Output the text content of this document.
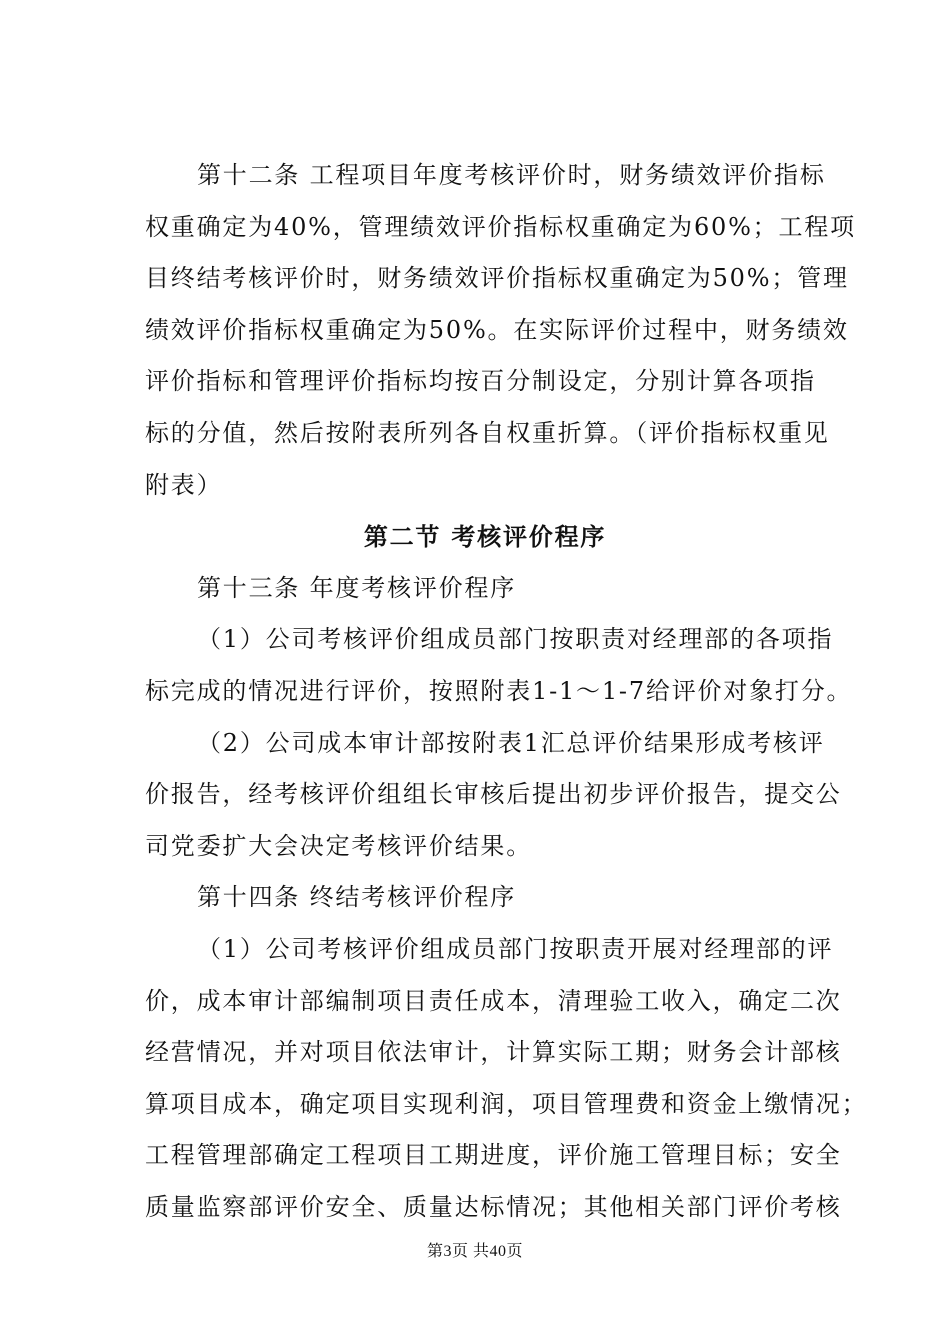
第十二条 工程项目年度考核评价时，财务绩效评价指标
权重确定为40%，管理绩效评价指标权重确定为60%；工程项
目终结考核评价时，财务绩效评价指标权重确定为50%；管理
绩效评价指标权重确定为50%。在实际评价过程中，财务绩效
评价指标和管理评价指标均按百分制设定，分别计算各项指
标的分值，然后按附表所列各自权重折算。（评价指标权重见
附表）
第二节 考核评价程序
第十三条 年度考核评价程序
（1）公司考核评价组成员部门按职责对经理部的各项指
标完成的情况进行评价，按照附表1-1～1-7给评价对象打分。
（2）公司成本审计部按附表1汇总评价结果形成考核评
价报告，经考核评价组组长审核后提出初步评价报告，提交公
司党委扩大会决定考核评价结果。
第十四条 终结考核评价程序
（1）公司考核评价组成员部门按职责开展对经理部的评
价，成本审计部编制项目责任成本，清理验工收入，确定二次
经营情况，并对项目依法审计，计算实际工期；财务会计部核
算项目成本，确定项目实现利润，项目管理费和资金上缴情况；
工程管理部确定工程项目工期进度，评价施工管理目标；安全
质量监察部评价安全、质量达标情况；其他相关部门评价考核
第3页 共40页
